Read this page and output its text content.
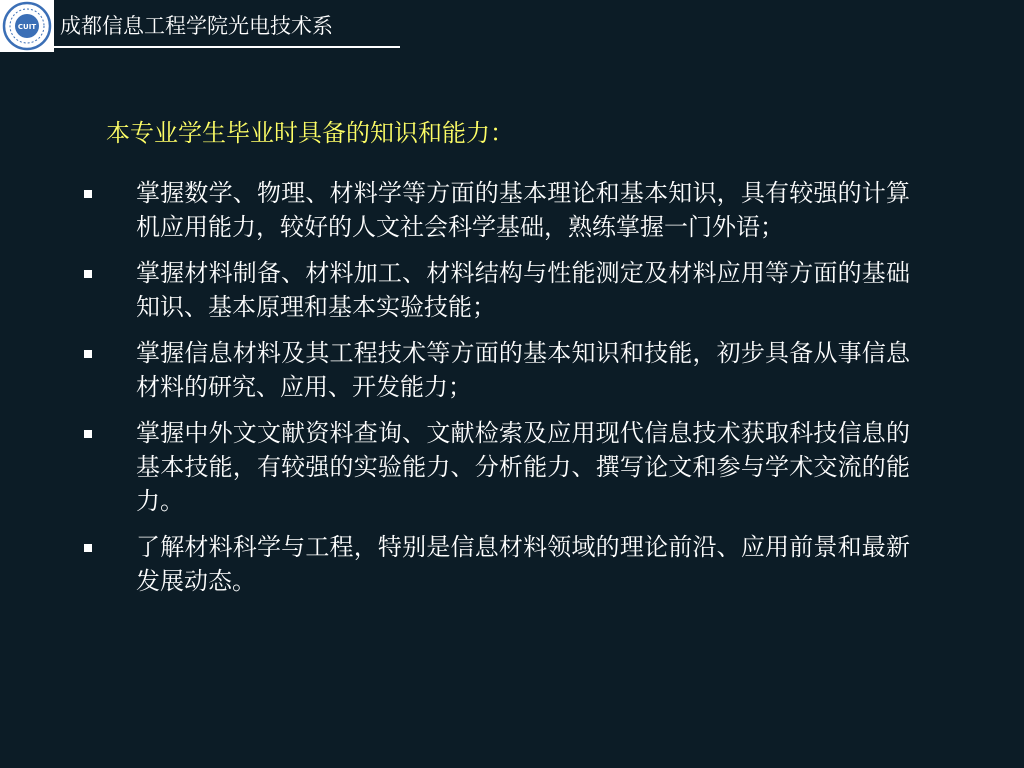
CUIT 成都信息工程学院光电技术系
本专业学生毕业时具备的知识和能力：
掌握数学、物理、材料学等方面的基本理论和基本知识，具有较强的计算机应用能力，较好的人文社会科学基础，熟练掌握一门外语；
掌握材料制备、材料加工、材料结构与性能测定及材料应用等方面的基础知识、基本原理和基本实验技能；
掌握信息材料及其工程技术等方面的基本知识和技能，初步具备从事信息材料的研究、应用、开发能力；
掌握中外文文献资料查询、文献检索及应用现代信息技术获取科技信息的基本技能，有较强的实验能力、分析能力、撰写论文和参与学术交流的能力。
了解材料科学与工程，特别是信息材料领域的理论前沿、应用前景和最新发展动态。
